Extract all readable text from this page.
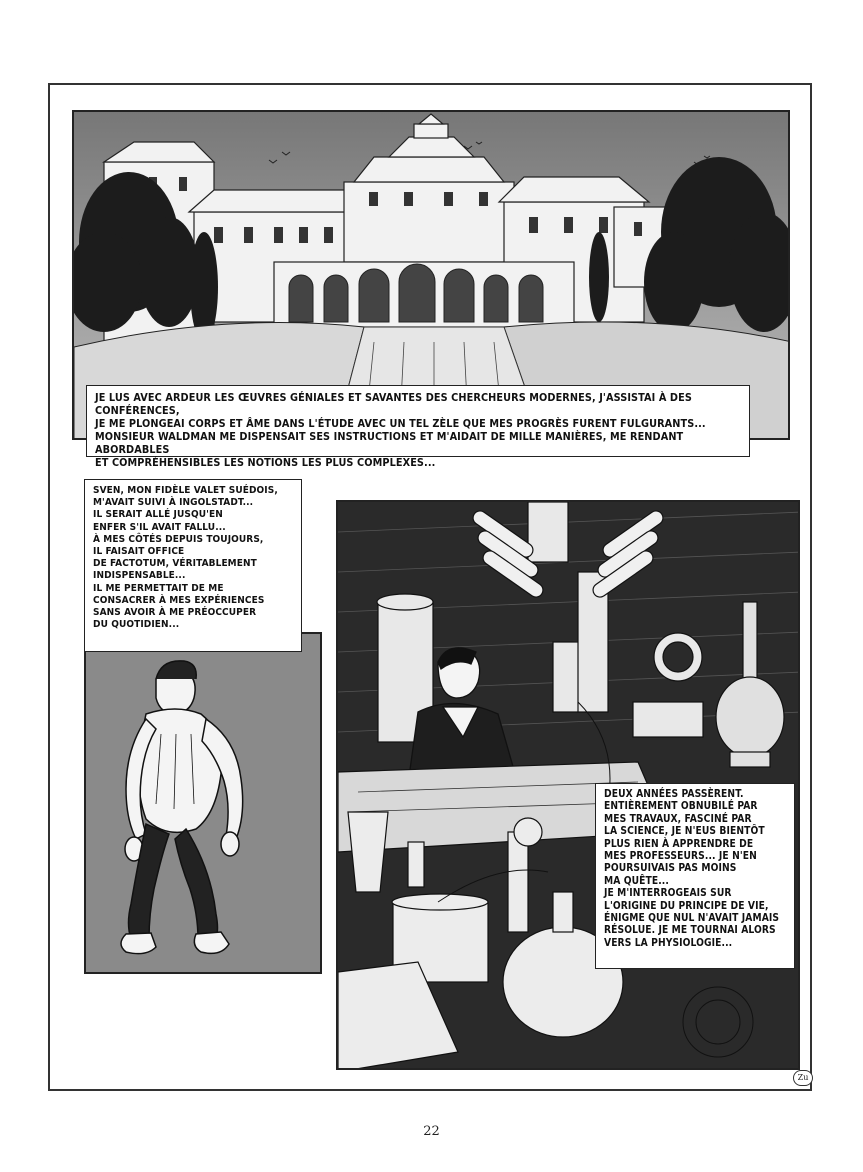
JE LUS AVEC ARDEUR LES ŒUVRES GÉNIALES ET SAVANTES DES CHERCHEURS MODERNES, J'ASSISTAI À DES CONFÉRENCES,
JE ME PLONGEAI CORPS ET ÂME DANS L'ÉTUDE AVEC UN TEL ZÈLE QUE MES PROGRÈS FURENT FULGURANTS...
MONSIEUR WALDMAN ME DISPENSAIT SES INSTRUCTIONS ET M'AIDAIT DE MILLE MANIÈRES, ME RENDANT ABORDABLES
ET COMPRÉHENSIBLES LES NOTIONS LES PLUS COMPLEXES...

SVEN, MON FIDÈLE VALET SUÉDOIS,
M'AVAIT SUIVI À INGOLSTADT...
IL SERAIT ALLÉ JUSQU'EN
ENFER S'IL AVAIT FALLU...
À MES CÔTÉS DEPUIS TOUJOURS,
IL FAISAIT OFFICE
DE FACTOTUM, VÉRITABLEMENT
INDISPENSABLE...
IL ME PERMETTAIT DE ME
CONSACRER À MES EXPÉRIENCES
SANS AVOIR À ME PRÉOCCUPER
DU QUOTIDIEN...

DEUX ANNÉES PASSÈRENT.
ENTIÈREMENT OBNUBILÉ PAR
MES TRAVAUX, FASCINÉ PAR
LA SCIENCE, JE N'EUS BIENTÔT
PLUS RIEN À APPRENDRE DE
MES PROFESSEURS... JE N'EN
POURSUIVAIS PAS MOINS
MA QUÊTE...
JE M'INTERROGEAIS SUR
L'ORIGINE DU PRINCIPE DE VIE,
ÉNIGME QUE NUL N'AVAIT JAMAIS
RÉSOLUE. JE ME TOURNAI ALORS
VERS LA PHYSIOLOGIE...

Zu
22
